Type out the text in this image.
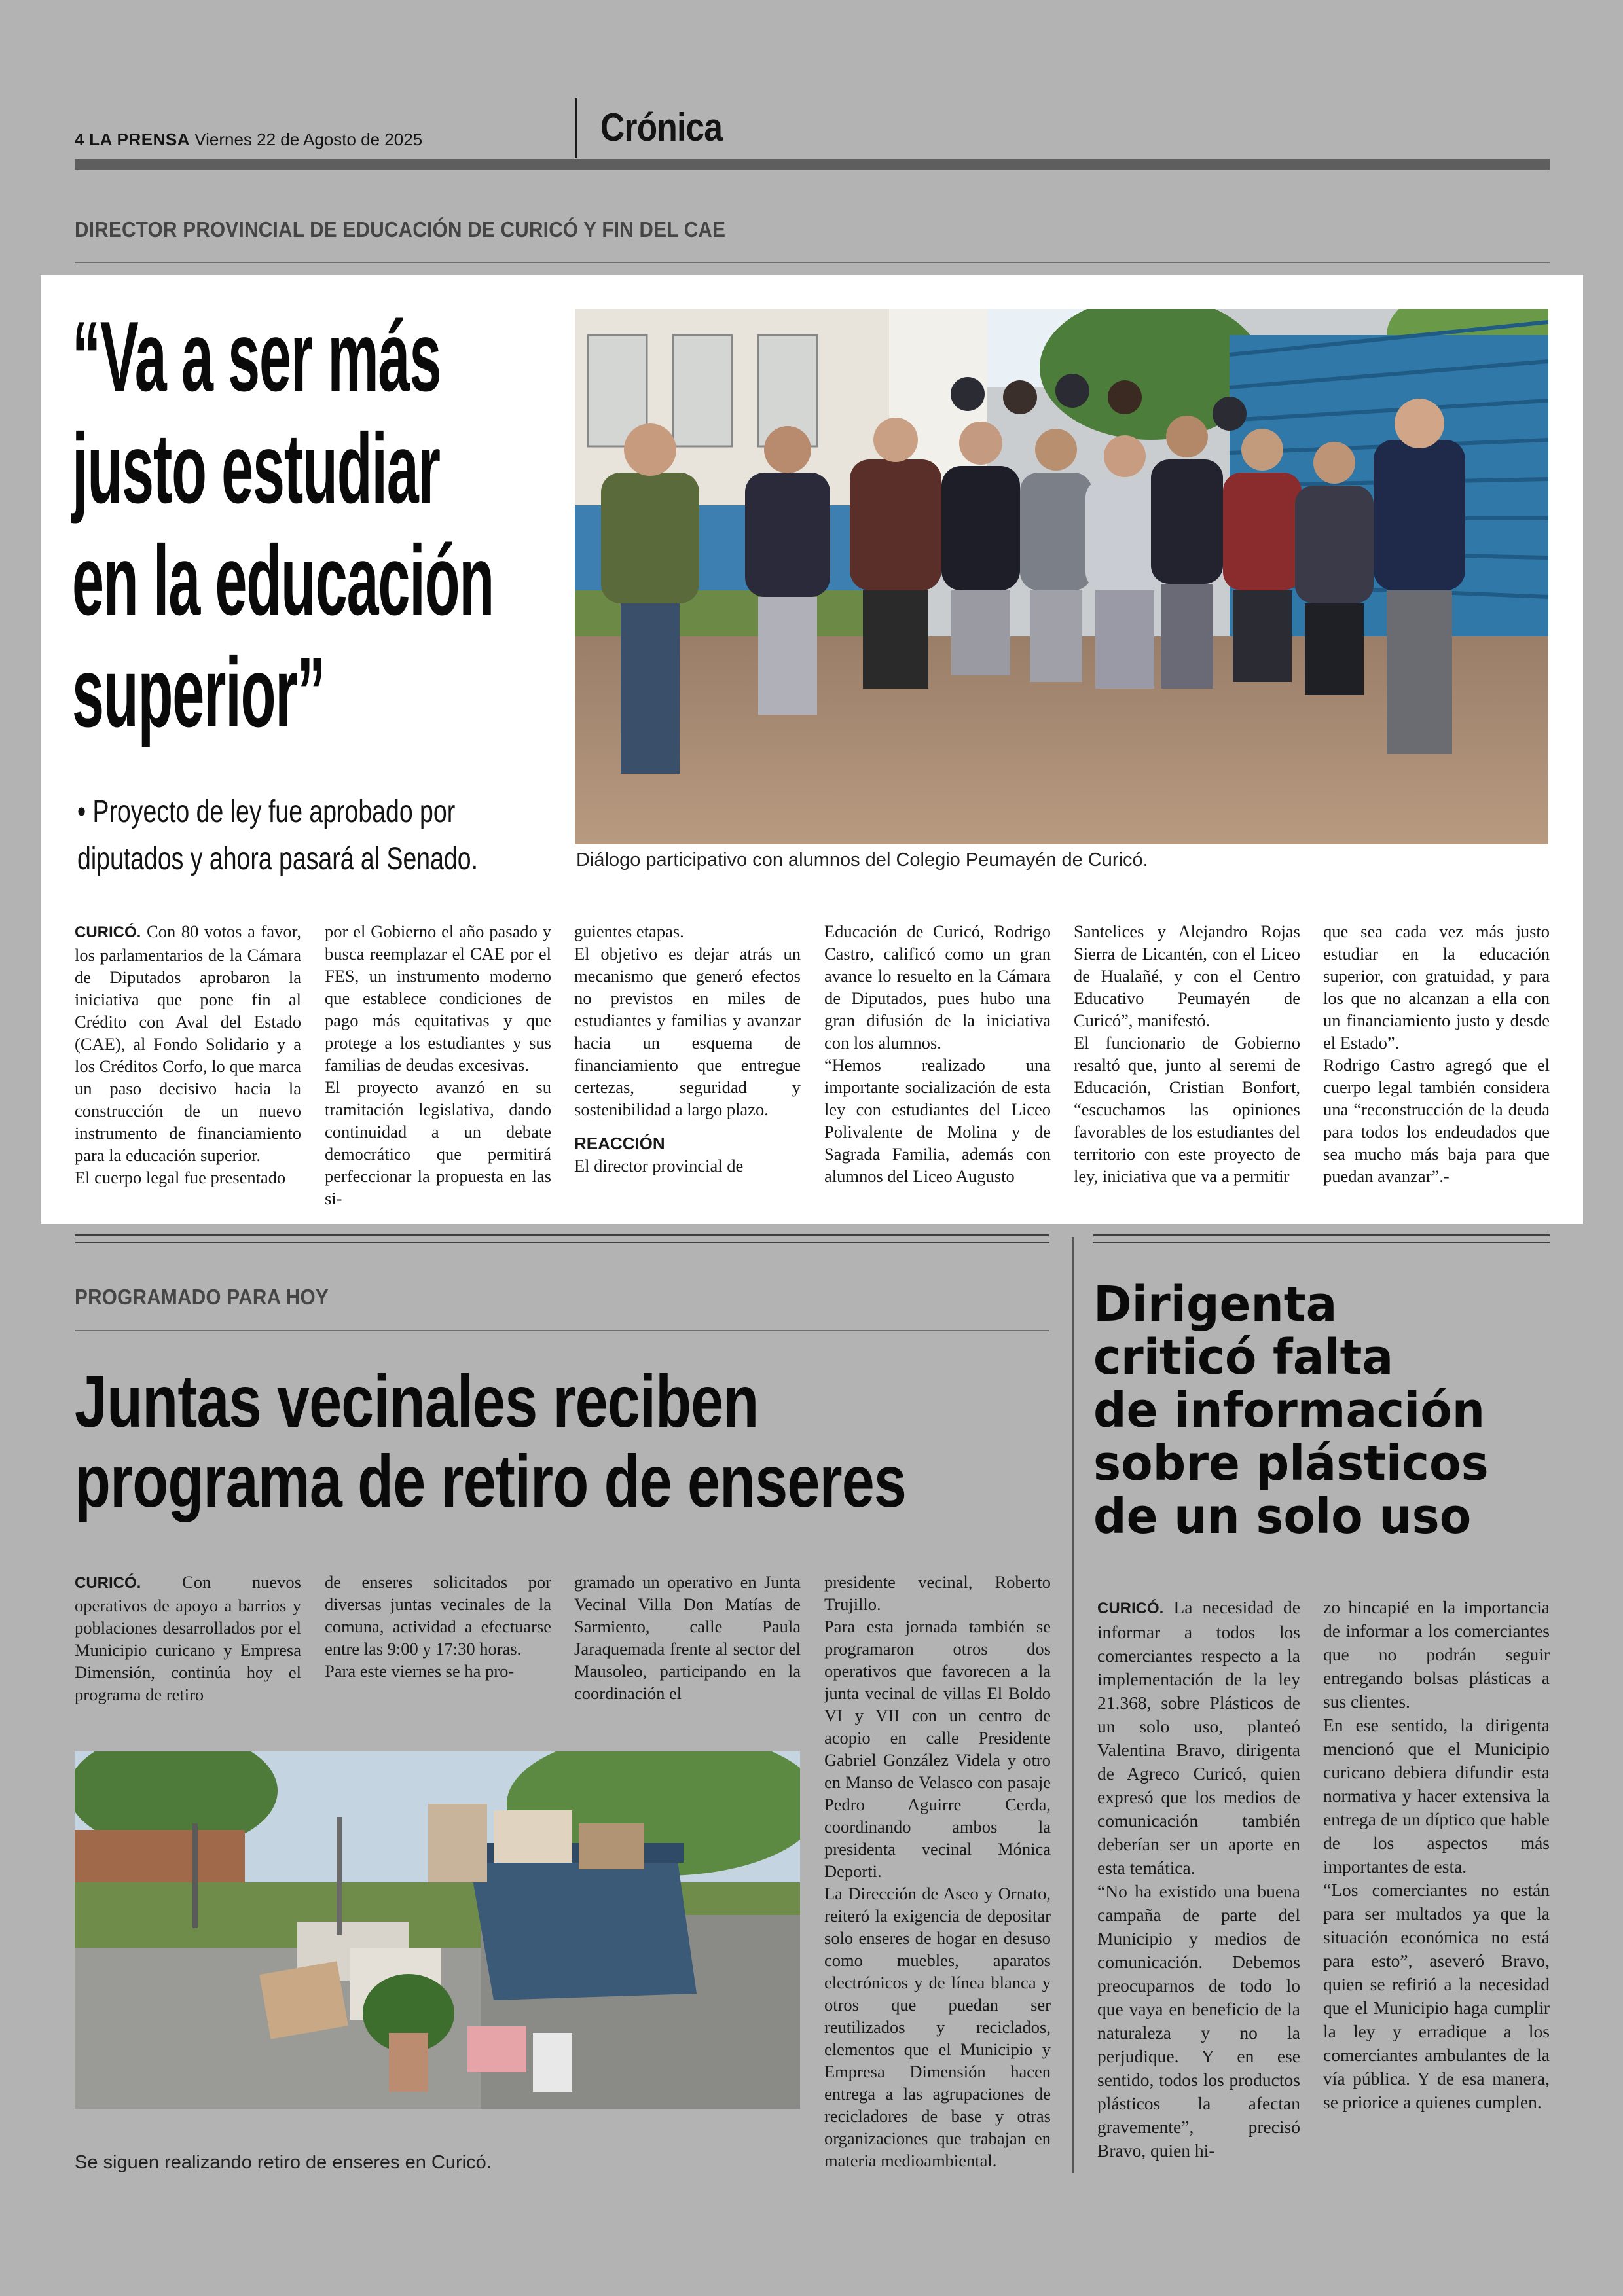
4 LA PRENSA Viernes 22 de Agosto de 2025	Crónica
DIRECTOR PROVINCIAL DE EDUCACIÓN DE CURICÓ Y FIN DEL CAE
“Va a ser más
justo estudiar
en la educación
superior”
• Proyecto de ley fue aprobado por
diputados y ahora pasará al Senado.	Diálogo participativo con alumnos del Colegio Peumayén de Curicó.

CURICÓ. Con 80 votos a favor, los parlamentarios de la Cámara de Diputados aprobaron la iniciativa que pone fin al Crédito con Aval del Estado (CAE), al Fondo Solidario y a los Créditos Corfo, lo que marca un paso decisivo hacia la construcción de un nuevo instrumento de financiamiento para la educación superior.

El cuerpo legal fue presentado

por el Gobierno el año pasado y busca reemplazar el CAE por el FES, un instrumento moderno que establece condiciones de pago más equitativas y que protege a los estudiantes y sus familias de deudas excesivas.

El proyecto avanzó en su tramitación legislativa, dando continuidad a un debate democrático que permitirá perfeccionar la propuesta en las si-

guientes etapas.

El objetivo es dejar atrás un mecanismo que generó efectos no previstos en miles de estudiantes y familias y avanzar hacia un esquema de financiamiento que entregue certezas, seguridad y sostenibilidad a largo plazo.

REACCIÓN

El director provincial de

Educación de Curicó, Rodrigo Castro, calificó como un gran avance lo resuelto en la Cámara de Diputados, pues hubo una gran difusión de la iniciativa con los alumnos.

“Hemos realizado una importante socialización de esta ley con estudiantes del Liceo Polivalente de Molina y de Sagrada Familia, además con alumnos del Liceo Augusto

Santelices y Alejandro Rojas Sierra de Licantén, con el Liceo de Hualañé, y con el Centro Educativo Peumayén de Curicó”, manifestó.

El funcionario de Gobierno resaltó que, junto al seremi de Educación, Cristian Bonfort, “escuchamos las opiniones favorables de los estudiantes del territorio con este proyecto de ley, iniciativa que va a permitir

que sea cada vez más justo estudiar en la educación superior, con gratuidad, y para los que no alcanzan a ella con un financiamiento justo y desde el Estado”.

Rodrigo Castro agregó que el cuerpo legal también considera una “reconstrucción de la deuda para todos los endeudados que sea mucho más baja para que puedan avanzar”.-

PROGRAMADO PARA HOY
Juntas vecinales reciben
programa de retiro de enseres

CURICÓ. Con nuevos operativos de apoyo a barrios y poblaciones desarrollados por el Municipio curicano y Empresa Dimensión, continúa hoy el programa de retiro

de enseres solicitados por diversas juntas vecinales de la comuna, actividad a efectuarse entre las 9:00 y 17:30 horas.

Para este viernes se ha pro-

gramado un operativo en Junta Vecinal Villa Don Matías de Sarmiento, calle Paula Jaraquemada frente al sector del Mausoleo, participando en la coordinación el

presidente vecinal, Roberto Trujillo.

Para esta jornada también se programaron otros dos operativos que favorecen a la junta vecinal de villas El Boldo VI y VII con un centro de acopio en calle Presidente Gabriel González Videla y otro en Manso de Velasco con pasaje Pedro Aguirre Cerda, coordinando ambos la presidenta vecinal Mónica Deporti.

La Dirección de Aseo y Ornato, reiteró la exigencia de depositar solo enseres de hogar en desuso como muebles, aparatos electrónicos y de línea blanca y otros que puedan ser reutilizados y reciclados, elementos que el Municipio y Empresa Dimensión hacen entrega a las agrupaciones de recicladores de base y otras organizaciones que trabajan en materia medioambiental.

Se siguen realizando retiro de enseres en Curicó.
Dirigenta
criticó falta
de información
sobre plásticos
de un solo uso

CURICÓ. La necesidad de informar a todos los comerciantes respecto a la implementación de la ley 21.368, sobre Plásticos de un solo uso, planteó Valentina Bravo, dirigenta de Agreco Curicó, quien expresó que los medios de comunicación también deberían ser un aporte en esta temática.

“No ha existido una buena campaña de parte del Municipio y medios de comunicación. Debemos preocuparnos de todo lo que vaya en beneficio de la naturaleza y no la perjudique. Y en ese sentido, todos los productos plásticos la afectan gravemente”, precisó Bravo, quien hi-

zo hincapié en la importancia de informar a los comerciantes que no podrán seguir entregando bolsas plásticas a sus clientes.

En ese sentido, la dirigenta mencionó que el Municipio curicano debiera difundir esta normativa y hacer extensiva la entrega de un díptico que hable de los aspectos más importantes de esta.

“Los comerciantes no están para ser multados ya que la situación económica no está para esto”, aseveró Bravo, quien se refirió a la necesidad que el Municipio haga cumplir la ley y erradique a los comerciantes ambulantes de la vía pública. Y de esa manera, se priorice a quienes cumplen.
